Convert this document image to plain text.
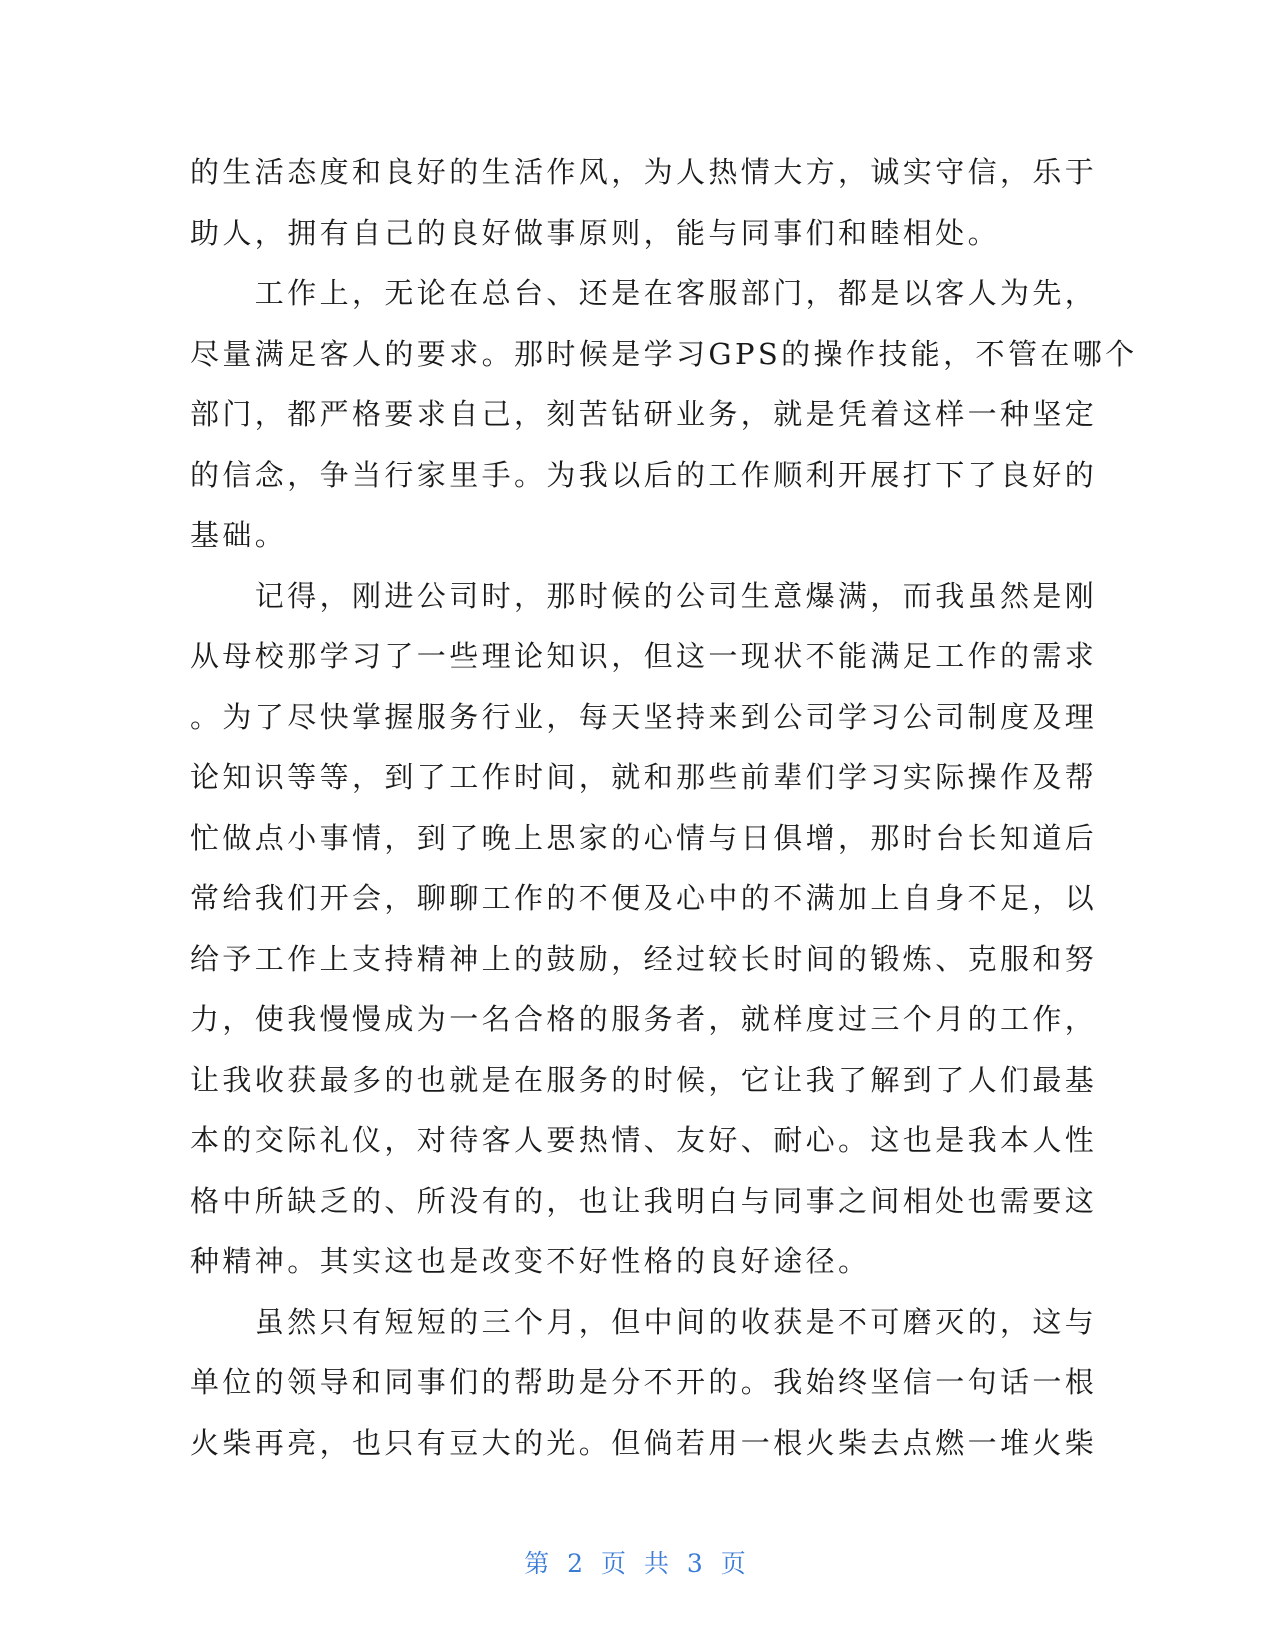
的生活态度和良好的生活作风，为人热情大方，诚实守信，乐于
助人，拥有自己的良好做事原则，能与同事们和睦相处。
　　工作上，无论在总台、还是在客服部门，都是以客人为先，
尽量满足客人的要求。那时候是学习GPS的操作技能，不管在哪个
部门，都严格要求自己，刻苦钻研业务，就是凭着这样一种坚定
的信念，争当行家里手。为我以后的工作顺利开展打下了良好的
基础。
　　记得，刚进公司时，那时候的公司生意爆满，而我虽然是刚
从母校那学习了一些理论知识，但这一现状不能满足工作的需求
。为了尽快掌握服务行业，每天坚持来到公司学习公司制度及理
论知识等等，到了工作时间，就和那些前辈们学习实际操作及帮
忙做点小事情，到了晚上思家的心情与日俱增，那时台长知道后
常给我们开会，聊聊工作的不便及心中的不满加上自身不足，以
给予工作上支持精神上的鼓励，经过较长时间的锻炼、克服和努
力，使我慢慢成为一名合格的服务者，就样度过三个月的工作，
让我收获最多的也就是在服务的时候，它让我了解到了人们最基
本的交际礼仪，对待客人要热情、友好、耐心。这也是我本人性
格中所缺乏的、所没有的，也让我明白与同事之间相处也需要这
种精神。其实这也是改变不好性格的良好途径。
　　虽然只有短短的三个月，但中间的收获是不可磨灭的，这与
单位的领导和同事们的帮助是分不开的。我始终坚信一句话一根
火柴再亮，也只有豆大的光。但倘若用一根火柴去点燃一堆火柴
第 2 页 共 3 页
